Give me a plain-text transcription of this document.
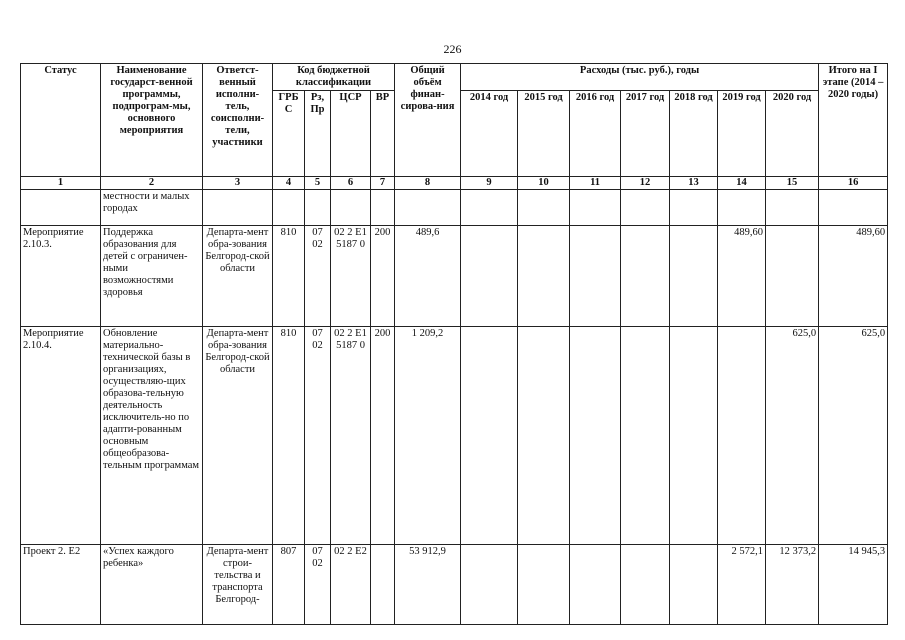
226
Статус	Наименование государст-венной программы, подпрограм-мы, основного мероприятия	Ответст-венный исполни-тель, соисполни-тели, участники	Код бюджетной классификации				Общий объём финан-сирова-ния	Расходы (тыс. руб.), годы							Итого на I этапе (2014 – 2020 годы)
			ГРБ С	Рз, Пр	ЦСР	ВР		2014 год	2015 год	2016 год	2017 год	2018 год	2019 год	2020 год	
1	2	3	4	5	6	7	8	9	10	11	12	13	14	15	16
	местности и малых городах														
Мероприятие 2.10.3.	Поддержка образования для детей с ограничен-ными возможностями здоровья	Департа-мент обра-зования Белгород-ской области	810	07 02	02 2 E1 5187 0	200	489,6						489,60		489,60
Мероприятие 2.10.4.	Обновление материально-технической базы в организациях, осуществляю-щих образова-тельную деятельность исключитель-но по адапти-рованным основным общеобразова-тельным программам	Департа-мент обра-зования Белгород-ской области	810	07 02	02 2 E1 5187 0	200	1 209,2							625,0	625,0
Проект 2. Е2	«Успех каждого ребенка»	Департа-мент строи-тельства и транспорта Белгород-	807	07 02	02 2 E2		53 912,9						2 572,1	12 373,2	14 945,3
